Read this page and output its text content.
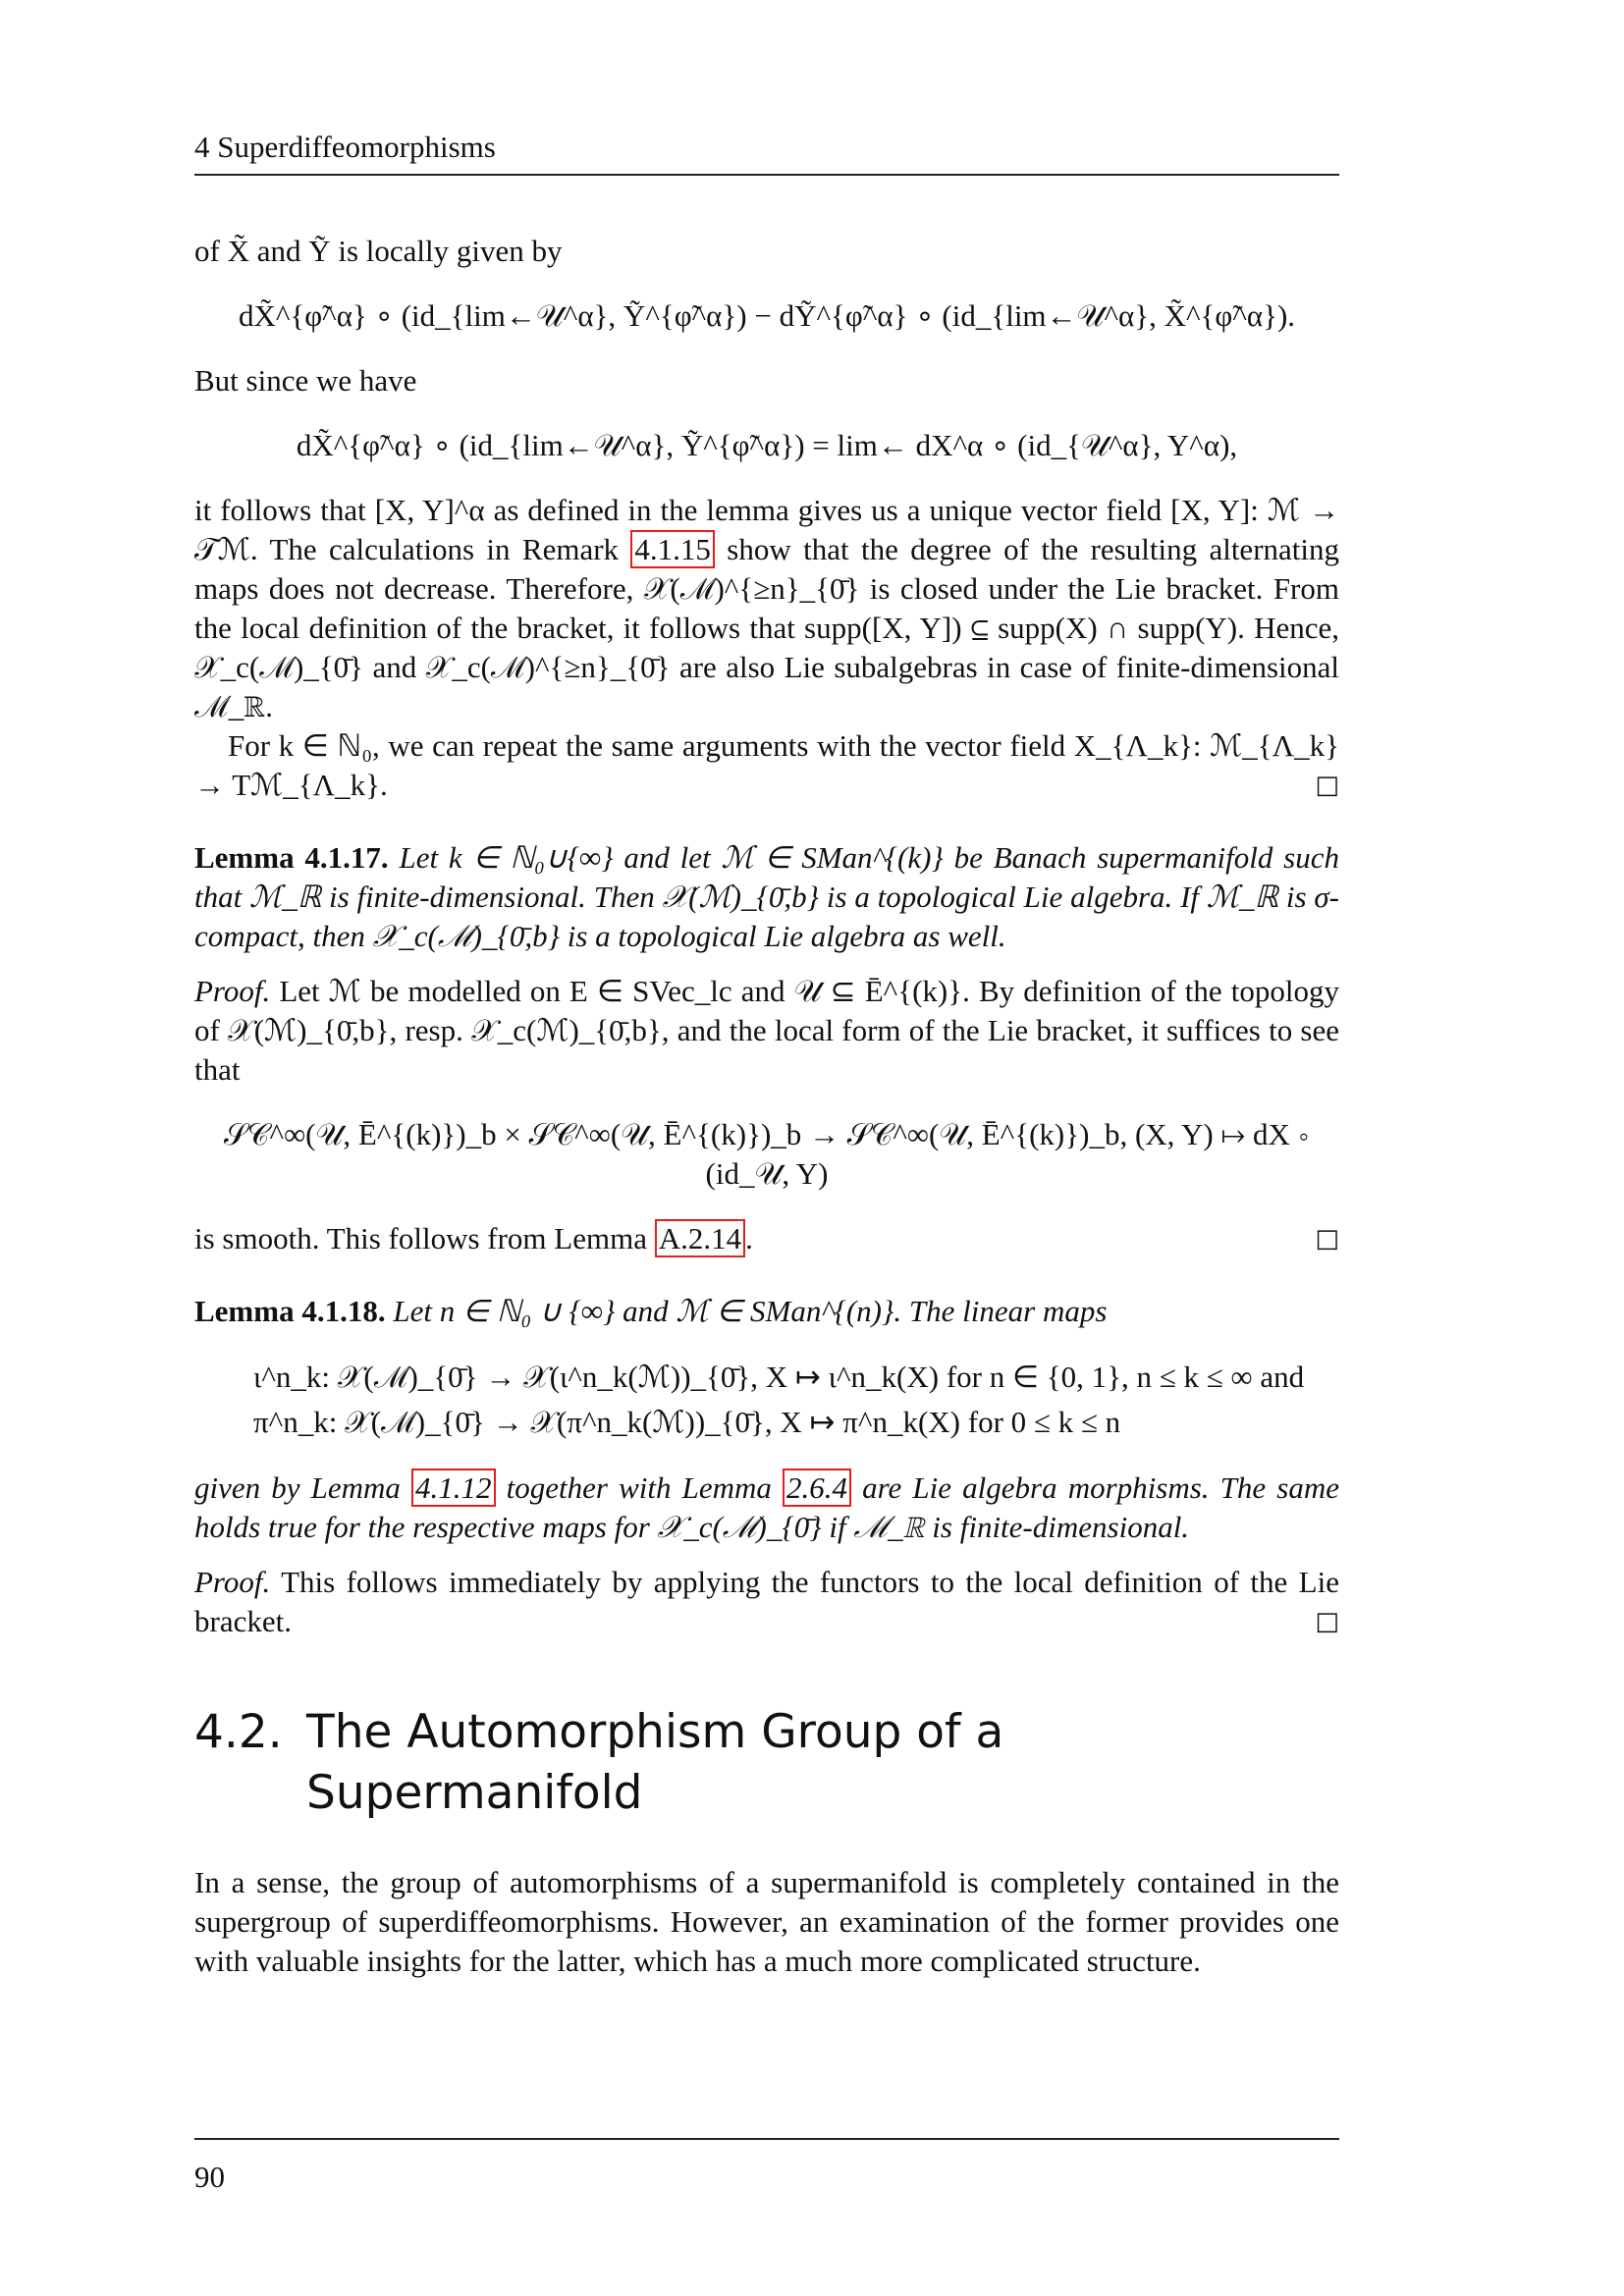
4 Superdiffeomorphisms

of X̃ and Ỹ is locally given by

dX̃^{φ̃^α} ∘ (id_{lim←𝒰^α}, Ỹ^{φ̃^α}) − dỸ^{φ̃^α} ∘ (id_{lim←𝒰^α}, X̃^{φ̃^α}).

But since we have

dX̃^{φ̃^α} ∘ (id_{lim←𝒰^α}, Ỹ^{φ̃^α}) = lim← dX^α ∘ (id_{𝒰^α}, Y^α),

it follows that [X, Y]^α as defined in the lemma gives us a unique vector field [X, Y]: ℳ → 𝒯ℳ. The calculations in Remark 4.1.15 show that the degree of the resulting alternating maps does not decrease. Therefore, 𝒳(ℳ)^{≥n}_{0̄} is closed under the Lie bracket. From the local definition of the bracket, it follows that supp([X, Y]) ⊆ supp(X) ∩ supp(Y). Hence, 𝒳_c(ℳ)_{0̄} and 𝒳_c(ℳ)^{≥n}_{0̄} are also Lie subalgebras in case of finite-dimensional ℳ_ℝ.

For k ∈ ℕ₀, we can repeat the same arguments with the vector field X_{Λ_k}: ℳ_{Λ_k} → Tℳ_{Λ_k}.	□

Lemma 4.1.17. Let k ∈ ℕ₀∪{∞} and let ℳ ∈ SMan^{(k)} be Banach supermanifold such that ℳ_ℝ is finite-dimensional. Then 𝒳(ℳ)_{0̄,b} is a topological Lie algebra. If ℳ_ℝ is σ-compact, then 𝒳_c(ℳ)_{0̄,b} is a topological Lie algebra as well.

Proof. Let ℳ be modelled on E ∈ SVec_lc and 𝒰 ⊆ Ē^{(k)}. By definition of the topology of 𝒳(ℳ)_{0̄,b}, resp. 𝒳_c(ℳ)_{0̄,b}, and the local form of the Lie bracket, it suffices to see that

𝒮𝒞^∞(𝒰, Ē^{(k)})_b × 𝒮𝒞^∞(𝒰, Ē^{(k)})_b → 𝒮𝒞^∞(𝒰, Ē^{(k)})_b, (X, Y) ↦ dX ∘ (id_𝒰, Y)

is smooth. This follows from Lemma A.2.14 .	□

Lemma 4.1.18. Let n ∈ ℕ₀ ∪ {∞} and ℳ ∈ SMan^{(n)}. The linear maps

ι^n_k: 𝒳(ℳ)_{0̄} → 𝒳(ι^n_k(ℳ))_{0̄}, X ↦ ι^n_k(X) for n ∈ {0, 1}, n ≤ k ≤ ∞ and
π^n_k: 𝒳(ℳ)_{0̄} → 𝒳(π^n_k(ℳ))_{0̄}, X ↦ π^n_k(X) for 0 ≤ k ≤ n

given by Lemma 4.1.12 together with Lemma 2.6.4 are Lie algebra morphisms. The same holds true for the respective maps for 𝒳_c(ℳ)_{0̄} if ℳ_ℝ is finite-dimensional.

Proof. This follows immediately by applying the functors to the local definition of the Lie bracket.	□

4.2. The Automorphism Group of a
Supermanifold

In a sense, the group of automorphisms of a supermanifold is completely contained in the supergroup of superdiffeomorphisms. However, an examination of the former provides one with valuable insights for the latter, which has a much more complicated structure.

90
